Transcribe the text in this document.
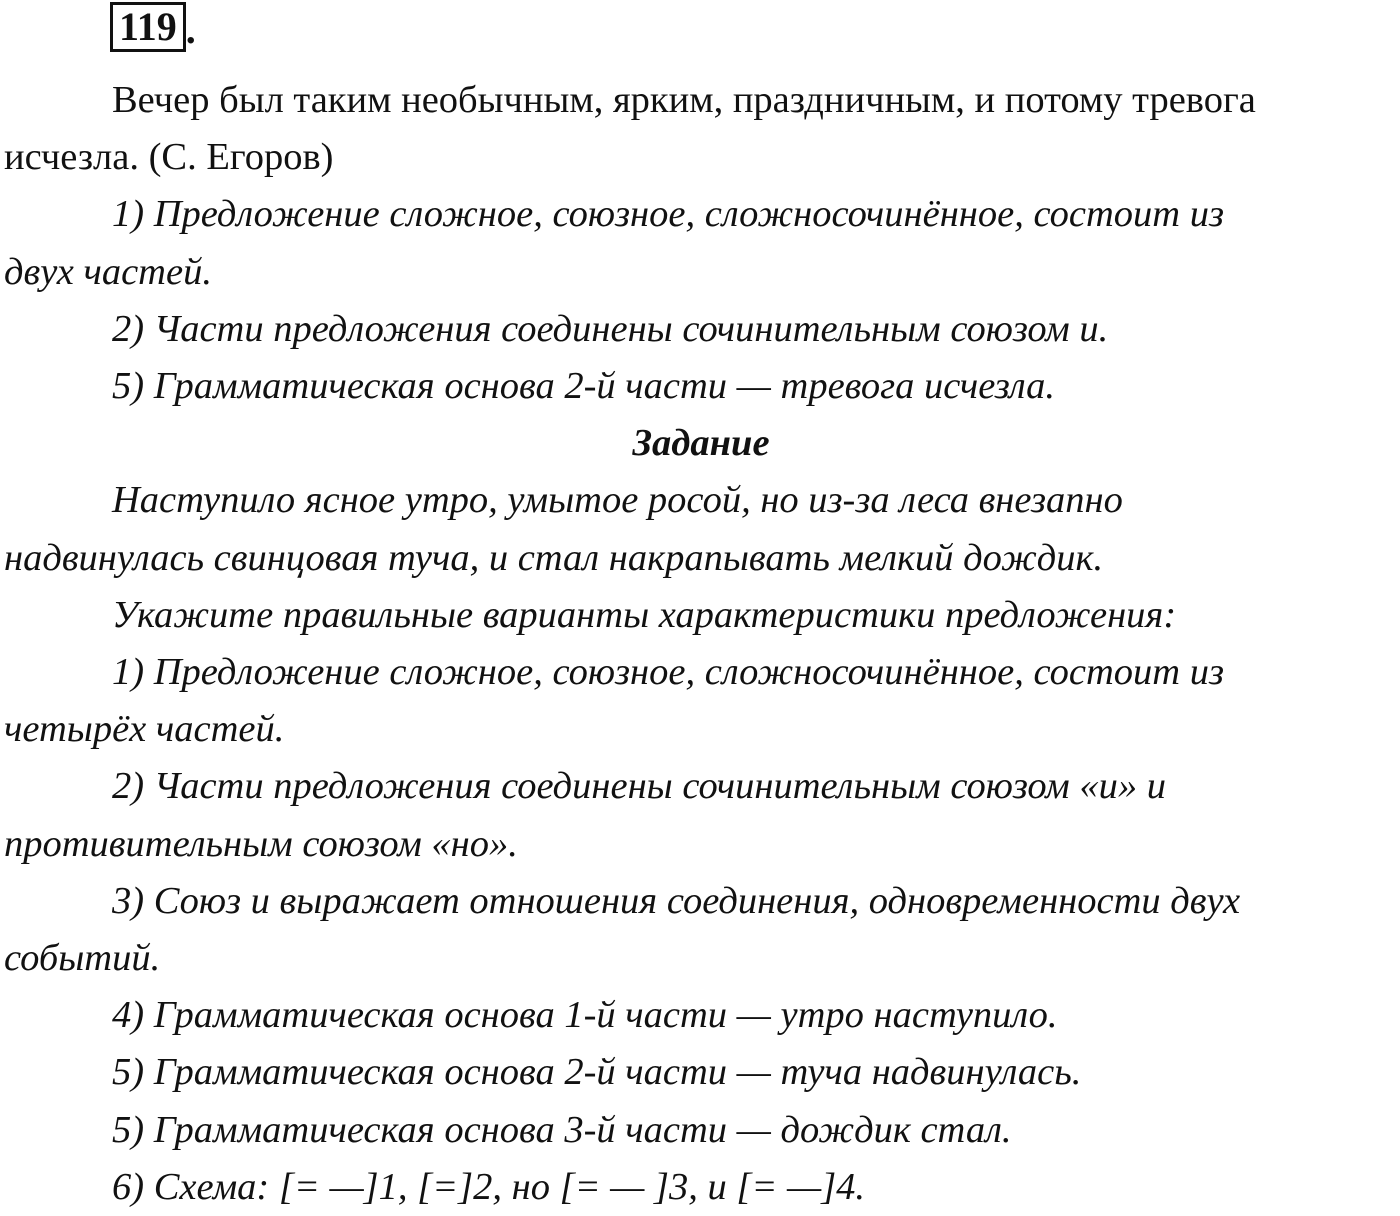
119 .

Вечер был таким необычным, ярким, праздничным, и потому тревога

исчезла. (С. Егоров)

1) Предложение сложное, союзное, сложносочинённое, состоит из

двух частей.

2) Части предложения соединены сочинительным союзом и.

5) Грамматическая основа 2-й части — тревога исчезла.

Задание

Наступило ясное утро, умытое росой, но из-за леса внезапно

надвинулась свинцовая туча, и стал накрапывать мелкий дождик.

Укажите правильные варианты характеристики предложения:

1) Предложение сложное, союзное, сложносочинённое, состоит из

четырёх частей.

2) Части предложения соединены сочинительным союзом «и» и

противительным союзом «но».

3) Союз и выражает отношения соединения, одновременности двух

событий.

4) Грамматическая основа 1-й части — утро наступило.

5) Грамматическая основа 2-й части — туча надвинулась.

5) Грамматическая основа 3-й части — дождик стал.

6) Схема: [= —]1, [=]2, но [= — ]3, и [= —]4.
